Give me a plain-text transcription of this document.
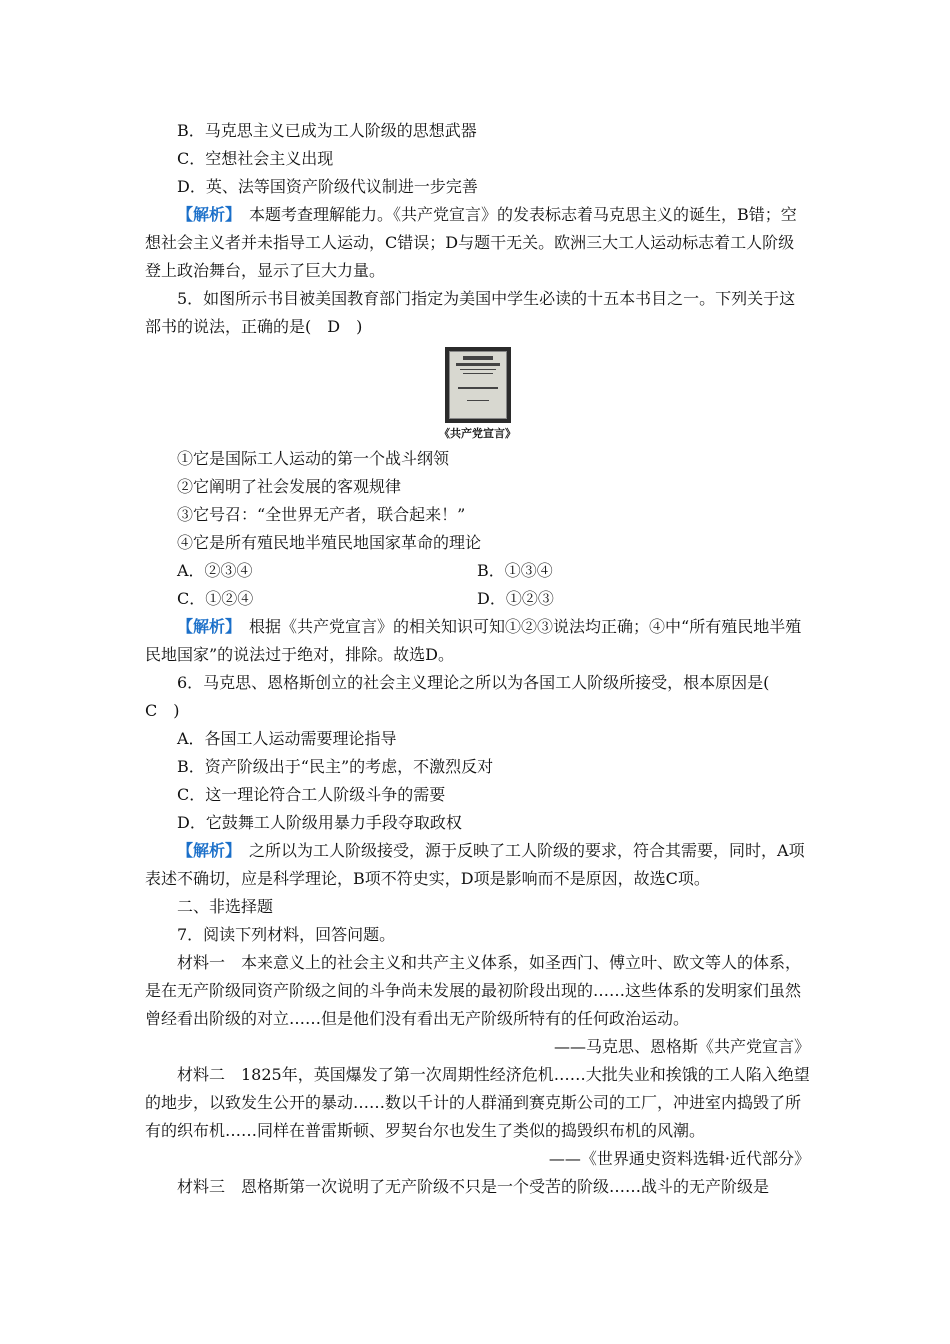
B．马克思主义已成为工人阶级的思想武器

C．空想社会主义出现

D．英、法等国资产阶级代议制进一步完善

【解析】　本题考查理解能力。《共产党宣言》的发表标志着马克思主义的诞生，B错；空想社会主义者并未指导工人运动，C错误；D与题干无关。欧洲三大工人运动标志着工人阶级登上政治舞台，显示了巨大力量。

5．如图所示书目被美国教育部门指定为美国中学生必读的十五本书目之一。下列关于这部书的说法，正确的是(　D　)

《共产党宣言》

①它是国际工人运动的第一个战斗纲领

②它阐明了社会发展的客观规律

③它号召：“全世界无产者，联合起来！”

④它是所有殖民地半殖民地国家革命的理论

A．②③④	B．①③④
C．①②④	D．①②③

【解析】　根据《共产党宣言》的相关知识可知①②③说法均正确；④中“所有殖民地半殖民地国家”的说法过于绝对，排除。故选D。

6．马克思、恩格斯创立的社会主义理论之所以为各国工人阶级所接受，根本原因是(　C　)

A．各国工人运动需要理论指导

B．资产阶级出于“民主”的考虑，不激烈反对

C．这一理论符合工人阶级斗争的需要

D．它鼓舞工人阶级用暴力手段夺取政权

【解析】　之所以为工人阶级接受，源于反映了工人阶级的要求，符合其需要，同时，A项表述不确切，应是科学理论，B项不符史实，D项是影响而不是原因，故选C项。

二、非选择题

7．阅读下列材料，回答问题。

材料一　本来意义上的社会主义和共产主义体系，如圣西门、傅立叶、欧文等人的体系，是在无产阶级同资产阶级之间的斗争尚未发展的最初阶段出现的……这些体系的发明家们虽然曾经看出阶级的对立……但是他们没有看出无产阶级所特有的任何政治运动。

——马克思、恩格斯《共产党宣言》

材料二　1825年，英国爆发了第一次周期性经济危机……大批失业和挨饿的工人陷入绝望的地步，以致发生公开的暴动……数以千计的人群涌到赛克斯公司的工厂，冲进室内捣毁了所有的织布机……同样在普雷斯顿、罗契台尔也发生了类似的捣毁织布机的风潮。

——《世界通史资料选辑·近代部分》

材料三　恩格斯第一次说明了无产阶级不只是一个受苦的阶级……战斗的无产阶级是
